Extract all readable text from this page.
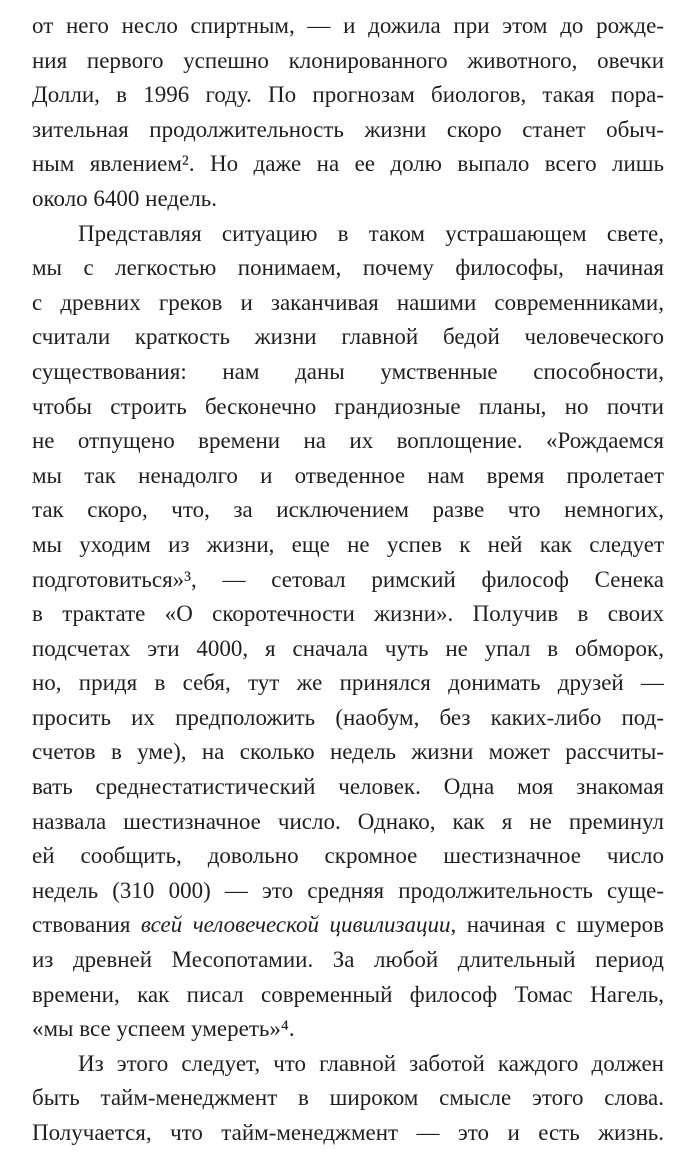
от него несло спиртным, — и дожила при этом до рожде-
ния первого успешно клонированного животного, овечки
Долли, в 1996 году. По прогнозам биологов, такая пора-
зительная продолжительность жизни скоро станет обыч-
ным явлением². Но даже на ее долю выпало всего лишь
около 6400 недель.
Представляя ситуацию в таком устрашающем свете,
мы с легкостью понимаем, почему философы, начиная
с древних греков и заканчивая нашими современниками,
считали краткость жизни главной бедой человеческого
существования: нам даны умственные способности,
чтобы строить бесконечно грандиозные планы, но почти
не отпущено времени на их воплощение. «Рождаемся
мы так ненадолго и отведенное нам время пролетает
так скоро, что, за исключением разве что немногих,
мы уходим из жизни, еще не успев к ней как следует
подготовиться»³, — сетовал римский философ Сенека
в трактате «О скоротечности жизни». Получив в своих
подсчетах эти 4000, я сначала чуть не упал в обморок,
но, придя в себя, тут же принялся донимать друзей —
просить их предположить (наобум, без каких-либо под-
счетов в уме), на сколько недель жизни может рассчиты-
вать среднестатистический человек. Одна моя знакомая
назвала шестизначное число. Однако, как я не преминул
ей сообщить, довольно скромное шестизначное число
недель (310 000) — это средняя продолжительность суще-
ствования всей человеческой цивилизации, начиная с шумеров
из древней Месопотамии. За любой длительный период
времени, как писал современный философ Томас Нагель,
«мы все успеем умереть»⁴.
Из этого следует, что главной заботой каждого должен
быть тайм-менеджмент в широком смысле этого слова.
Получается, что тайм-менеджмент — это и есть жизнь.
